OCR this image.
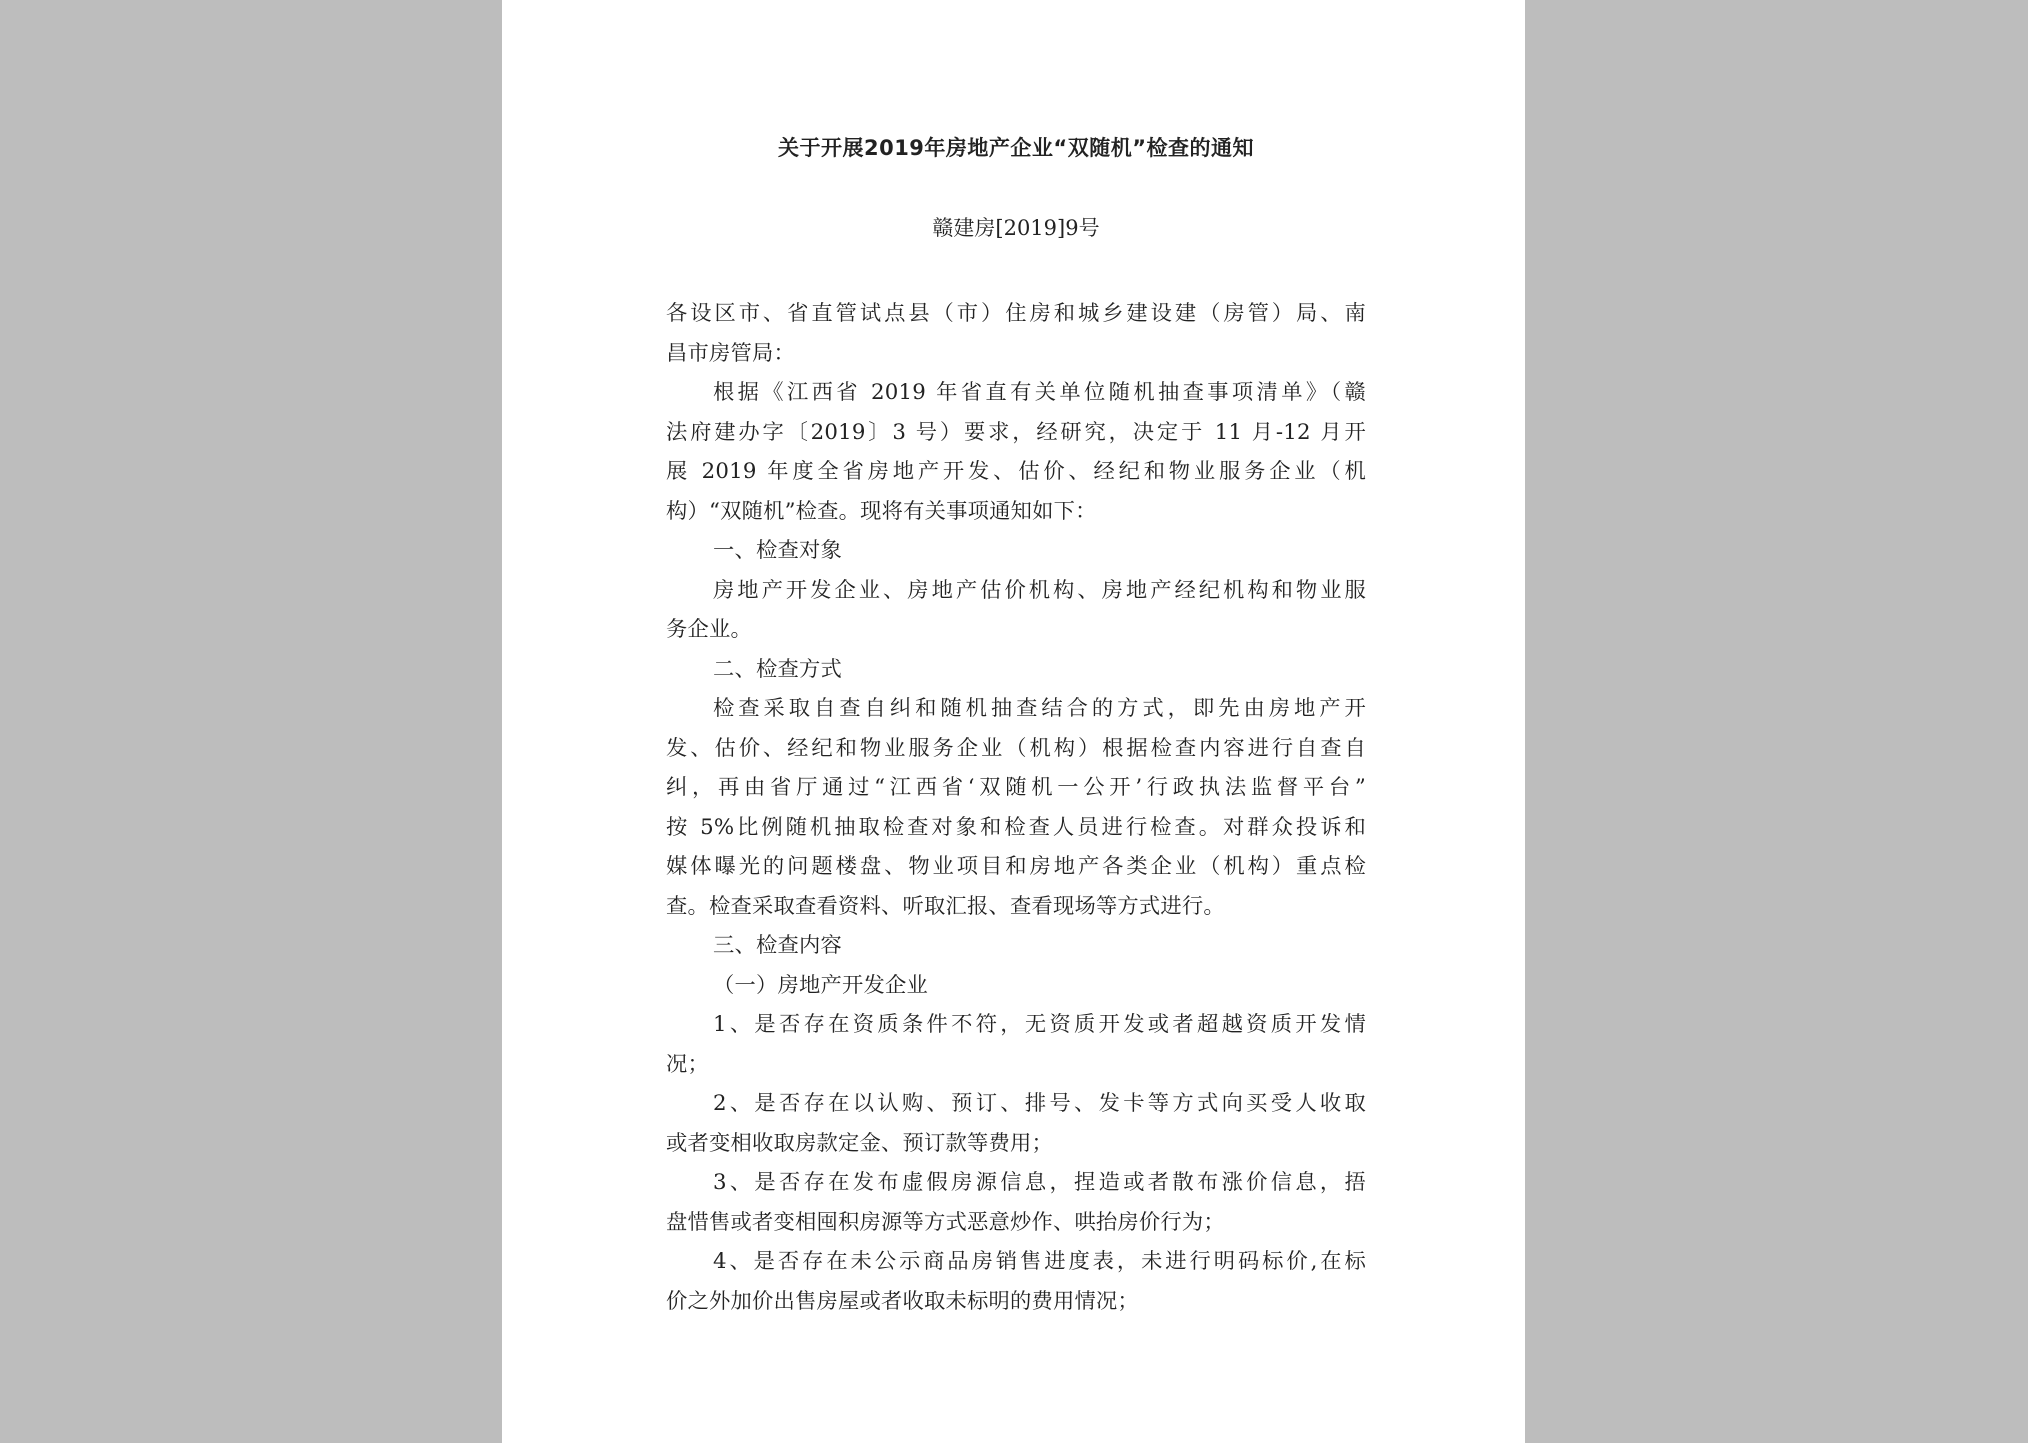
关于开展2019年房地产企业“双随机”检查的通知
赣建房[2019]9号
各设区市、省直管试点县（市）住房和城乡建设建（房管）局、南
昌市房管局：
根据《江西省 2019 年省直有关单位随机抽查事项清单》（赣
法府建办字〔2019〕3 号）要求，经研究，决定于 11 月-12 月开
展 2019 年度全省房地产开发、估价、经纪和物业服务企业（机
构）“双随机”检查。现将有关事项通知如下：
一、检查对象
房地产开发企业、房地产估价机构、房地产经纪机构和物业服
务企业。
二、检查方式
检查采取自查自纠和随机抽查结合的方式，即先由房地产开
发、估价、经纪和物业服务企业（机构）根据检查内容进行自查自
纠，再由省厅通过“江西省‘双随机一公开’行政执法监督平台”
按 5%比例随机抽取检查对象和检查人员进行检查。对群众投诉和
媒体曝光的问题楼盘、物业项目和房地产各类企业（机构）重点检
查。检查采取查看资料、听取汇报、查看现场等方式进行。
三、检查内容
（一）房地产开发企业
1、是否存在资质条件不符，无资质开发或者超越资质开发情
况；
2、是否存在以认购、预订、排号、发卡等方式向买受人收取
或者变相收取房款定金、预订款等费用；
3、是否存在发布虚假房源信息，捏造或者散布涨价信息，捂
盘惜售或者变相囤积房源等方式恶意炒作、哄抬房价行为；
4、是否存在未公示商品房销售进度表，未进行明码标价,在标
价之外加价出售房屋或者收取未标明的费用情况；
